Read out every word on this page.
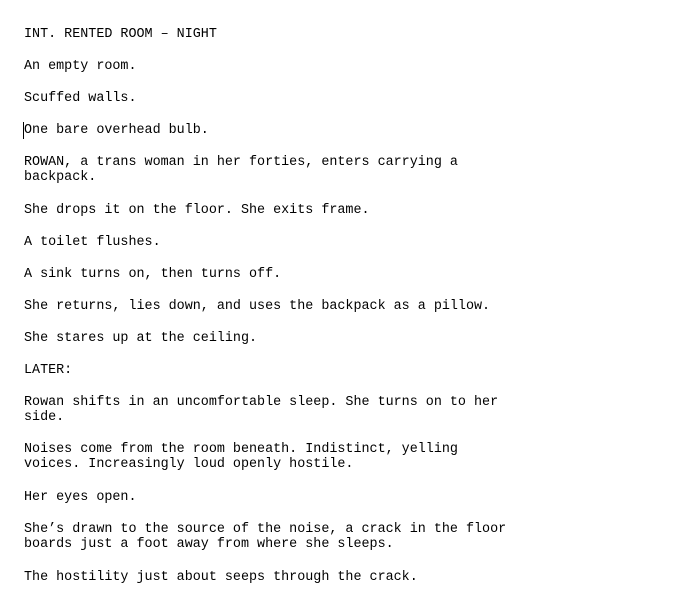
INT. RENTED ROOM – NIGHT

An empty room.

Scuffed walls.

One bare overhead bulb.

ROWAN, a trans woman in her forties, enters carrying a
backpack.

She drops it on the floor. She exits frame.

A toilet flushes.

A sink turns on, then turns off.

She returns, lies down, and uses the backpack as a pillow.

She stares up at the ceiling.

LATER:

Rowan shifts in an uncomfortable sleep. She turns on to her
side.

Noises come from the room beneath. Indistinct, yelling
voices. Increasingly loud openly hostile.

Her eyes open.

She’s drawn to the source of the noise, a crack in the floor
boards just a foot away from where she sleeps.

The hostility just about seeps through the crack.
